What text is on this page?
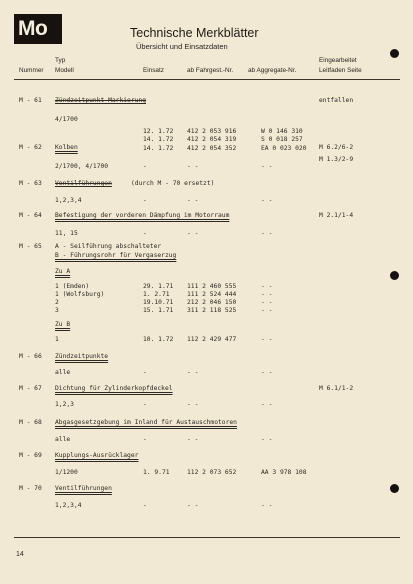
Mo	Technische Merkblätter
Übersicht und Einsatzdaten
Typ
Nummer Modell	Einsatz	ab Fahrgest.-Nr. ab Aggregate-Nr.
Eingearbeitet
Leitfaden Seite
M - 61 Zündzeitpunkt Markierung	entfallen
4/1700
12. 1.72 412 2 053 916	W 0 146 310
14. 1.72 412 2 054 319	S 0 018 257
14. 1.72 412 2 054 352	EA 0 023 020
M - 62 Kolben	M 6.2/6-2
M 1.3/2-9
2/1700, 4/1700	-	- -	- -
M - 63 Ventilführungen	(durch M - 70 ersetzt)
1,2,3,4	-	- -	- -
M - 64 Befestigung der vorderen Dämpfung im Motorraum	M 2.1/1-4
11, 15	-	- -	- -
M - 65 A - Seilführung abschalteter
B - Führungsrohr für Vergaserzug
Zu A
1 (Emden)	29. 1.71 111 2 460 555	- -
1 (Wolfsburg)	1. 2.71	111 2 524 444	- -
2	19.10.71 212 2 046 150	- -
3	15. 1.71 311 2 118 525	- -
Zu B
1	10. 1.72 112 2 429 477	- -
M - 66 Zündzeitpunkte
alle	-	- -	- -
M - 67 Dichtung für Zylinderkopfdeckel	M 6.1/1-2
1,2,3	-	- -	- -
M - 68 Abgasgesetzgebung im Inland für Austauschmotoren
alle	-	- -	- -
M - 69 Kupplungs-Ausrücklager
1/1200	1. 9.71	112 2 073 652	AA 3 978 108
M - 70 Ventilführungen
1,2,3,4	-	- -	- -
14
